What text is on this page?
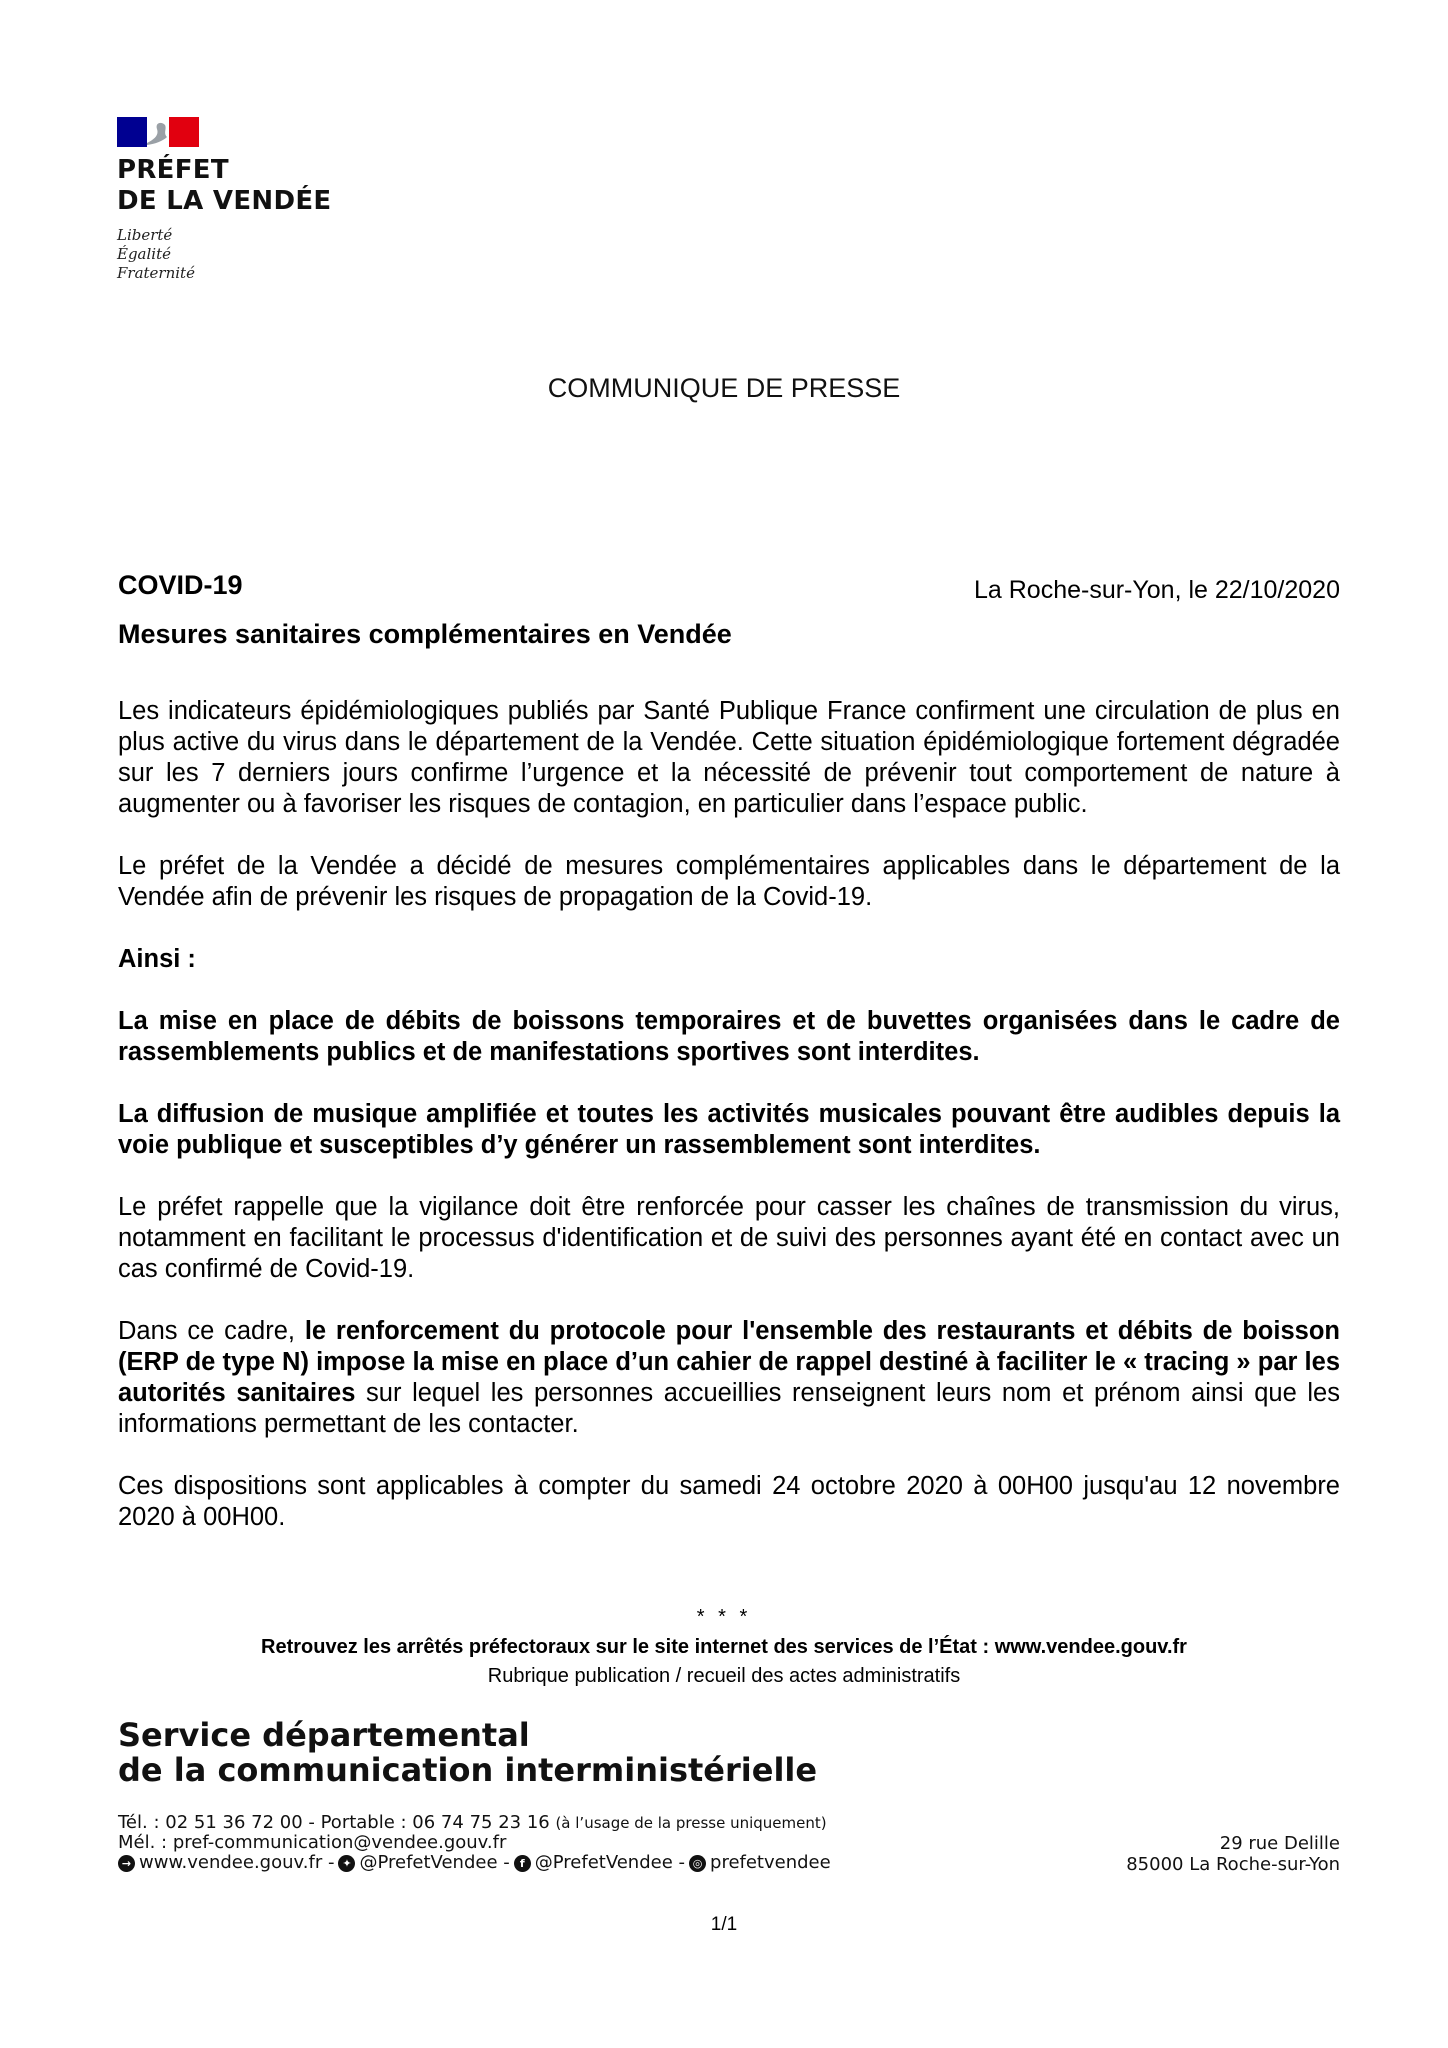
PRÉFET
DE LA VENDÉE
Liberté
Égalité
Fraternité
COMMUNIQUE DE PRESSE
COVID-19
Mesures sanitaires complémentaires en Vendée
La Roche-sur-Yon, le 22/10/2020

Les indicateurs épidémiologiques publiés par Santé Publique France confirment une circulation de plus en plus active du virus dans le département de la Vendée. Cette situation épidémiologique fortement dégradée sur les 7 derniers jours confirme l’urgence et la nécessité de prévenir tout comportement de nature à augmenter ou à favoriser les risques de contagion, en particulier dans l’espace public.

Le préfet de la Vendée a décidé de mesures complémentaires applicables dans le département de la Vendée afin de prévenir les risques de propagation de la Covid-19.

Ainsi :

La mise en place de débits de boissons temporaires et de buvettes organisées dans le cadre de rassemblements publics et de manifestations sportives sont interdites.

La diffusion de musique amplifiée et toutes les activités musicales pouvant être audibles depuis la voie publique et susceptibles d’y générer un rassemblement sont interdites.

Le préfet rappelle que la vigilance doit être renforcée pour casser les chaînes de transmission du virus, notamment en facilitant le processus d'identification et de suivi des personnes ayant été en contact avec un cas confirmé de Covid-19.

Dans ce cadre, le renforcement du protocole pour l'ensemble des restaurants et débits de boisson (ERP de type N) impose la mise en place d’un cahier de rappel destiné à faciliter le « tracing » par les autorités sanitaires sur lequel les personnes accueillies renseignent leurs nom et prénom ainsi que les informations permettant de les contacter.

Ces dispositions sont applicables à compter du samedi 24 octobre 2020 à 00H00 jusqu'au 12 novembre 2020 à 00H00.

* * *
Retrouvez les arrêtés préfectoraux sur le site internet des services de l’État : www.vendee.gouv.fr
Rubrique publication / recueil des actes administratifs
Service départemental
de la communication interministérielle
Tél. : 02 51 36 72 00 - Portable : 06 74 75 23 16 (à l’usage de la presse uniquement)
Mél. : pref-communication@vendee.gouv.fr
→ www.vendee.gouv.fr - ✦ @PrefetVendee - f @PrefetVendee - ◎ prefetvendee
29 rue Delille
85000 La Roche-sur-Yon
1/1
